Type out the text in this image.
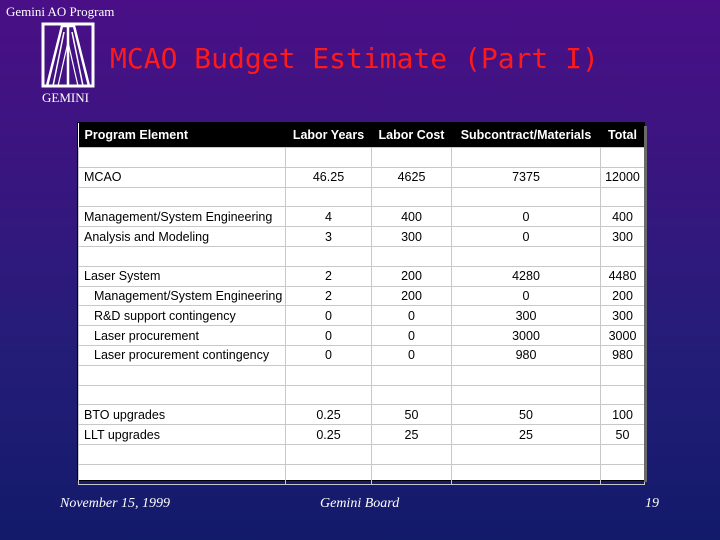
Gemini AO Program
GEMINI
MCAO Budget Estimate (Part I)
Program Element	Labor Years	Labor Cost	Subcontract/Materials	Total

MCAO	46.25	4625	7375	12000

Management/System Engineering	4	400	0	400
Analysis and Modeling	3	300	0	300

Laser System	2	200	4280	4480
Management/System Engineering	2	200	0	200
R&D support contingency	0	0	300	300
Laser procurement	0	0	3000	3000
Laser procurement contingency	0	0	980	980

BTO upgrades	0.25	50	50	100
LLT upgrades	0.25	25	25	50

November 15, 1999	Gemini Board	19
